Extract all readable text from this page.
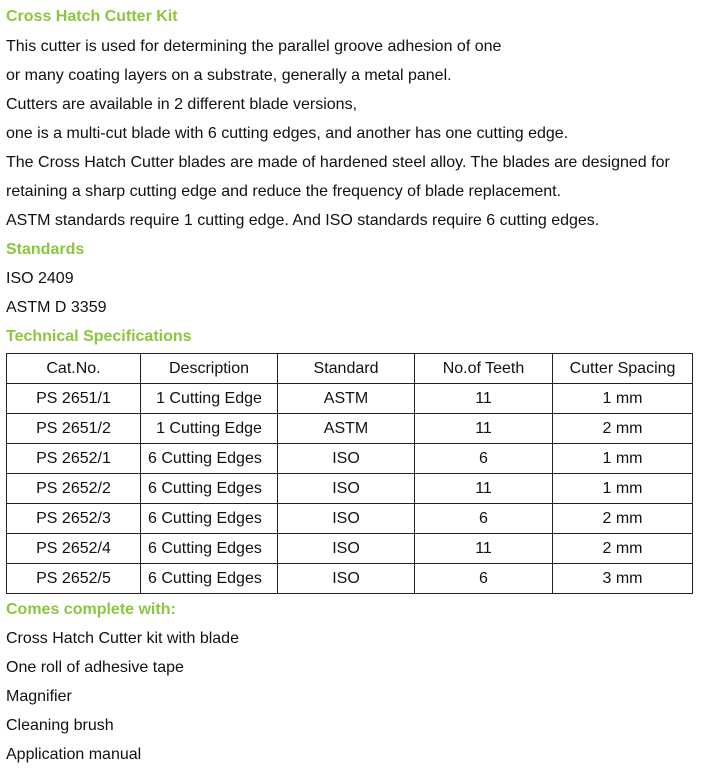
Cross Hatch Cutter Kit
This cutter is used for determining the parallel groove adhesion of one
or many coating layers on a substrate, generally a metal panel.
Cutters are available in 2 different blade versions,
one is a multi-cut blade with 6 cutting edges, and another has one cutting edge.
The Cross Hatch Cutter blades are made of hardened steel alloy. The blades are designed for
retaining a sharp cutting edge and reduce the frequency of blade replacement.
ASTM standards require 1 cutting edge. And ISO standards require 6 cutting edges.
Standards
ISO 2409
ASTM D 3359
Technical Specifications
Cat.No.	Description	Standard	No.of Teeth	Cutter Spacing
PS 2651/1	1 Cutting Edge	ASTM	11	1 mm
PS 2651/2	1 Cutting Edge	ASTM	11	2 mm
PS 2652/1	6 Cutting Edges	ISO	6	1 mm
PS 2652/2	6 Cutting Edges	ISO	11	1 mm
PS 2652/3	6 Cutting Edges	ISO	6	2 mm
PS 2652/4	6 Cutting Edges	ISO	11	2 mm
PS 2652/5	6 Cutting Edges	ISO	6	3 mm
Comes complete with:
Cross Hatch Cutter kit with blade
One roll of adhesive tape
Magnifier
Cleaning brush
Application manual
